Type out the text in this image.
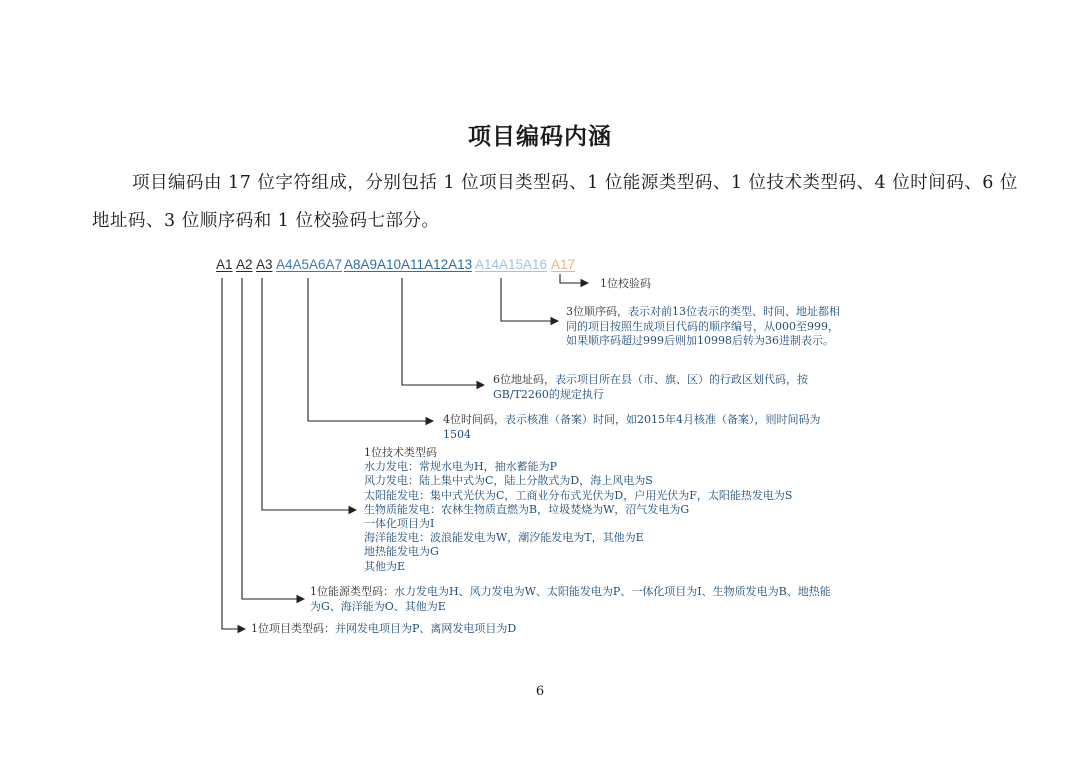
项目编码内涵
项目编码由 17 位字符组成，分别包括 1 位项目类型码、1 位能源类型码、1 位技术类型码、4 位时间码、6 位地址码、3 位顺序码和 1 位校验码七部分。
A1 A2 A3 A4A5A6A7 A8A9A10A11A12A13 A14A15A16 A17
1位校验码
3位顺序码，表示对前13位表示的类型、时间、地址都相同的项目按照生成项目代码的顺序编号，从000至999，如果顺序码超过999后则加10998后转为36进制表示。
6位地址码，表示项目所在县（市、旗、区）的行政区划代码，按GB/T2260的规定执行
4位时间码，表示核准（备案）时间，如2015年4月核准（备案），则时间码为1504
1位技术类型码
水力发电：常规水电为H，抽水蓄能为P
风力发电：陆上集中式为C，陆上分散式为D，海上风电为S
太阳能发电：集中式光伏为C，工商业分布式光伏为D，户用光伏为F，太阳能热发电为S
生物质能发电：农林生物质直燃为B，垃圾焚烧为W，沼气发电为G
一体化项目为I
海洋能发电：波浪能发电为W，潮汐能发电为T，其他为E
地热能发电为G
其他为E
1位能源类型码：水力发电为H、风力发电为W、太阳能发电为P、一体化项目为I、生物质发电为B、地热能为G、海洋能为O、其他为E
1位项目类型码：并网发电项目为P、离网发电项目为D
6
